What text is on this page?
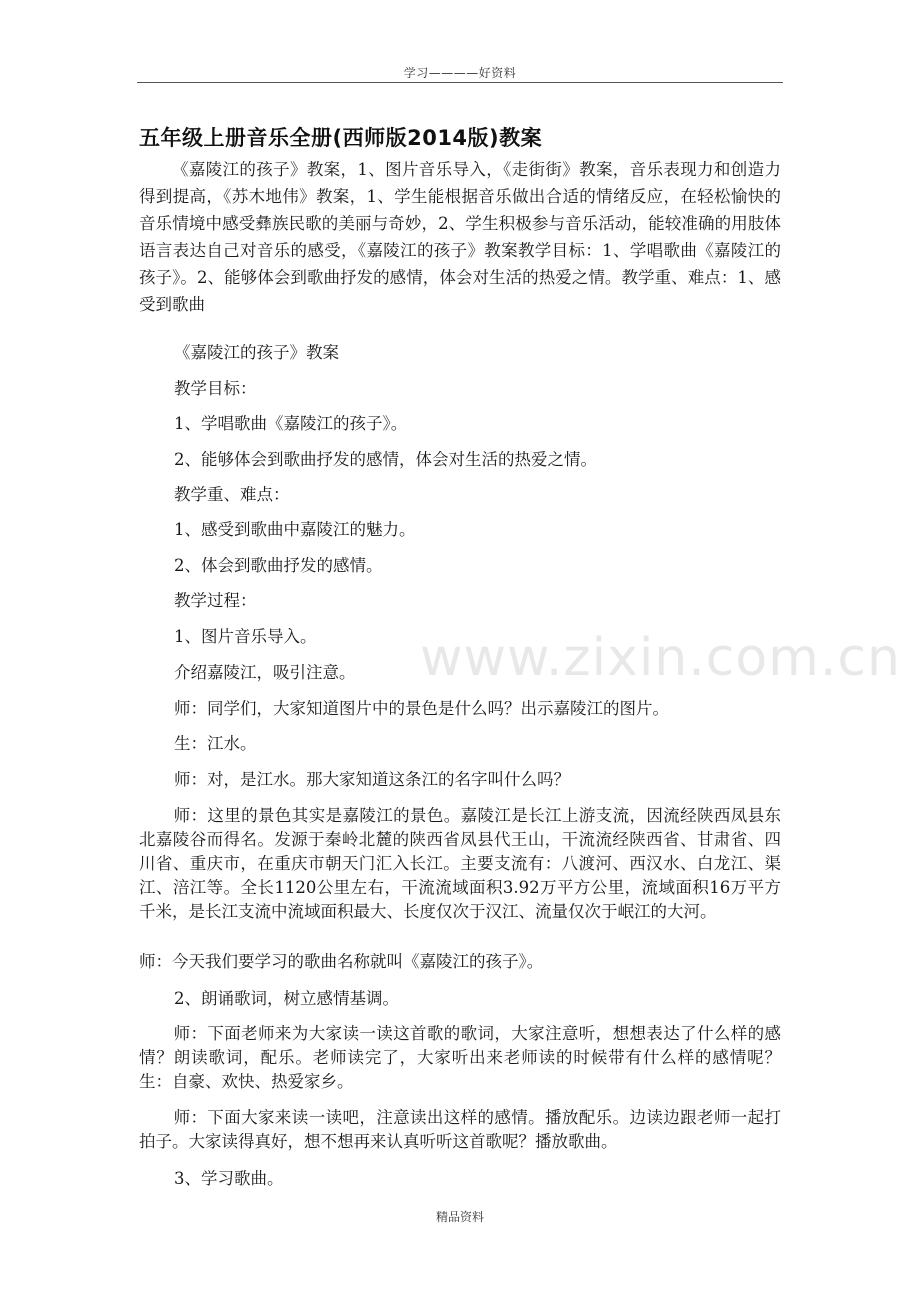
学习————好资料
五年级上册音乐全册(西师版2014版)教案

《嘉陵江的孩子》教案，1、图片音乐导入，《走街街》教案，音乐表现力和创造力得到提高，《苏木地伟》教案，1、学生能根据音乐做出合适的情绪反应，在轻松愉快的音乐情境中感受彝族民歌的美丽与奇妙，2、学生积极参与音乐活动，能较准确的用肢体语言表达自己对音乐的感受，《嘉陵江的孩子》教案教学目标：1、学唱歌曲《嘉陵江的孩子》。2、能够体会到歌曲抒发的感情，体会对生活的热爱之情。教学重、难点：1、感受到歌曲

《嘉陵江的孩子》教案

教学目标：

1、学唱歌曲《嘉陵江的孩子》。

2、能够体会到歌曲抒发的感情，体会对生活的热爱之情。

教学重、难点：

1、感受到歌曲中嘉陵江的魅力。

2、体会到歌曲抒发的感情。

教学过程：

1、图片音乐导入。

介绍嘉陵江，吸引注意。

师：同学们，大家知道图片中的景色是什么吗？出示嘉陵江的图片。

生：江水。

师：对，是江水。那大家知道这条江的名字叫什么吗？

师：这里的景色其实是嘉陵江的景色。嘉陵江是长江上游支流，因流经陕西凤县东北嘉陵谷而得名。发源于秦岭北麓的陕西省凤县代王山，干流流经陕西省、甘肃省、四川省、重庆市，在重庆市朝天门汇入长江。主要支流有：八渡河、西汉水、白龙江、渠江、涪江等。全长1120公里左右，干流流域面积3.92万平方公里，流域面积16万平方千米，是长江支流中流域面积最大、长度仅次于汉江、流量仅次于岷江的大河。

师：今天我们要学习的歌曲名称就叫《嘉陵江的孩子》。

2、朗诵歌词，树立感情基调。

师：下面老师来为大家读一读这首歌的歌词，大家注意听，想想表达了什么样的感情？朗读歌词，配乐。老师读完了，大家听出来老师读的时候带有什么样的感情呢？　生：自豪、欢快、热爱家乡。

师：下面大家来读一读吧，注意读出这样的感情。播放配乐。边读边跟老师一起打拍子。大家读得真好，想不想再来认真听听这首歌呢？播放歌曲。

3、学习歌曲。

www.zixin.com.cn
精品资料
